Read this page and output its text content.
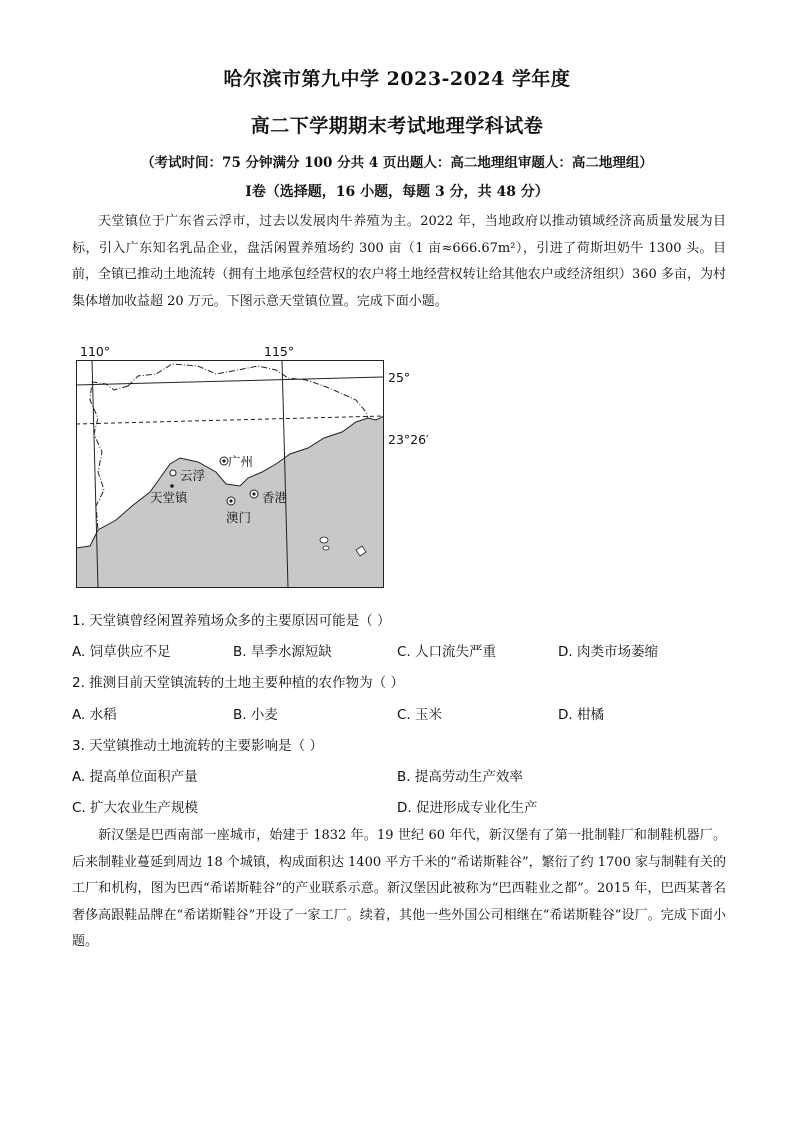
哈尔滨市第九中学 2023-2024 学年度
高二下学期期末考试地理学科试卷
（考试时间：75 分钟满分 100 分共 4 页出题人：高二地理组审题人：高二地理组）
Ⅰ卷（选择题，16 小题，每题 3 分，共 48 分）
天堂镇位于广东省云浮市，过去以发展肉牛养殖为主。2022 年，当地政府以推动镇域经济高质量发展为目标，引入广东知名乳品企业，盘活闲置养殖场约 300 亩（1 亩≈666.67m²），引进了荷斯坦奶牛 1300 头。目前，全镇已推动土地流转（拥有土地承包经营权的农户将土地经营权转让给其他农户或经济组织）360 多亩，为村集体增加收益超 20 万元。下图示意天堂镇位置。完成下面小题。
110°	115°
25°
23°26′
广州
云浮
天堂镇	香港
澳门
1. 天堂镇曾经闲置养殖场众多的主要原因可能是（ ）
A. 饲草供应不足	B. 旱季水源短缺	C. 人口流失严重	D. 肉类市场萎缩
2. 推测目前天堂镇流转的土地主要种植的农作物为（ ）
A. 水稻	B. 小麦	C. 玉米	D. 柑橘
3. 天堂镇推动土地流转的主要影响是（ ）
A. 提高单位面积产量	B. 提高劳动生产效率
C. 扩大农业生产规模	D. 促进形成专业化生产
新汉堡是巴西南部一座城市，始建于 1832 年。19 世纪 60 年代，新汉堡有了第一批制鞋厂和制鞋机器厂。后来制鞋业蔓延到周边 18 个城镇，构成面积达 1400 平方千米的“希诺斯鞋谷”，繁衍了约 1700 家与制鞋有关的工厂和机构，图为巴西“希诺斯鞋谷”的产业联系示意。新汉堡因此被称为“巴西鞋业之都”。2015 年，巴西某著名奢侈高跟鞋品牌在“希诺斯鞋谷”开设了一家工厂。续着，其他一些外国公司相继在“希诺斯鞋谷”设厂。完成下面小题。
